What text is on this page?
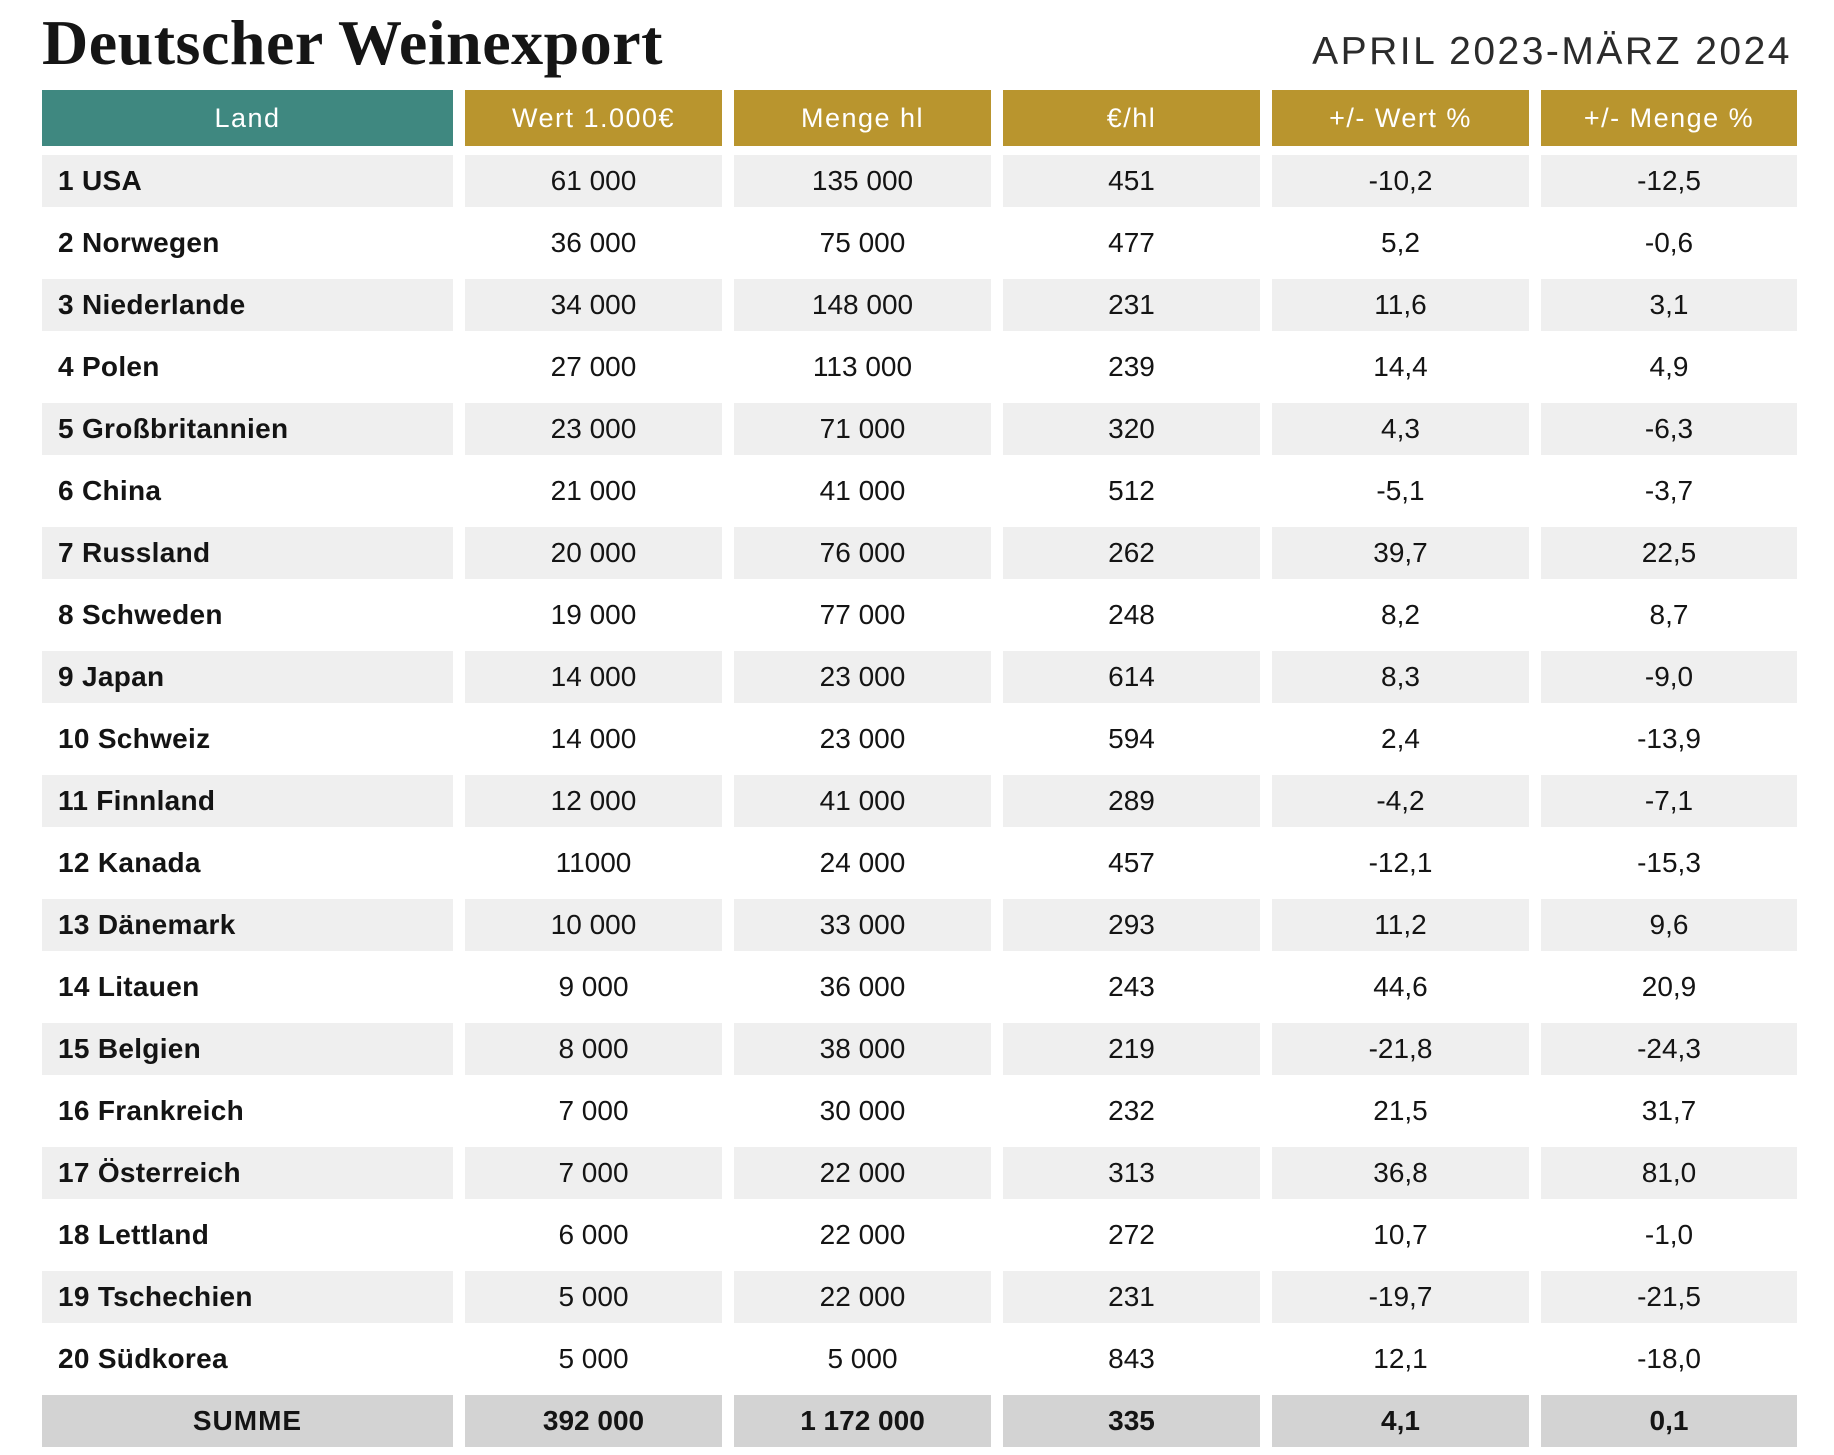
Deutscher Weinexport	APRIL 2023-MÄRZ 2024
Land	Wert 1.000€	Menge hl	€/hl	+/- Wert %	+/- Menge %
1 USA	61 000	135 000	451	-10,2	-12,5
2 Norwegen	36 000	75 000	477	5,2	-0,6
3 Niederlande	34 000	148 000	231	11,6	3,1
4 Polen	27 000	113 000	239	14,4	4,9
5 Großbritannien	23 000	71 000	320	4,3	-6,3
6 China	21 000	41 000	512	-5,1	-3,7
7 Russland	20 000	76 000	262	39,7	22,5
8 Schweden	19 000	77 000	248	8,2	8,7
9 Japan	14 000	23 000	614	8,3	-9,0
10 Schweiz	14 000	23 000	594	2,4	-13,9
11 Finnland	12 000	41 000	289	-4,2	-7,1
12 Kanada	11000	24 000	457	-12,1	-15,3
13 Dänemark	10 000	33 000	293	11,2	9,6
14 Litauen	9 000	36 000	243	44,6	20,9
15 Belgien	8 000	38 000	219	-21,8	-24,3
16 Frankreich	7 000	30 000	232	21,5	31,7
17 Österreich	7 000	22 000	313	36,8	81,0
18 Lettland	6 000	22 000	272	10,7	-1,0
19 Tschechien	5 000	22 000	231	-19,7	-21,5
20 Südkorea	5 000	5 000	843	12,1	-18,0
SUMME	392 000	1 172 000	335	4,1	0,1
